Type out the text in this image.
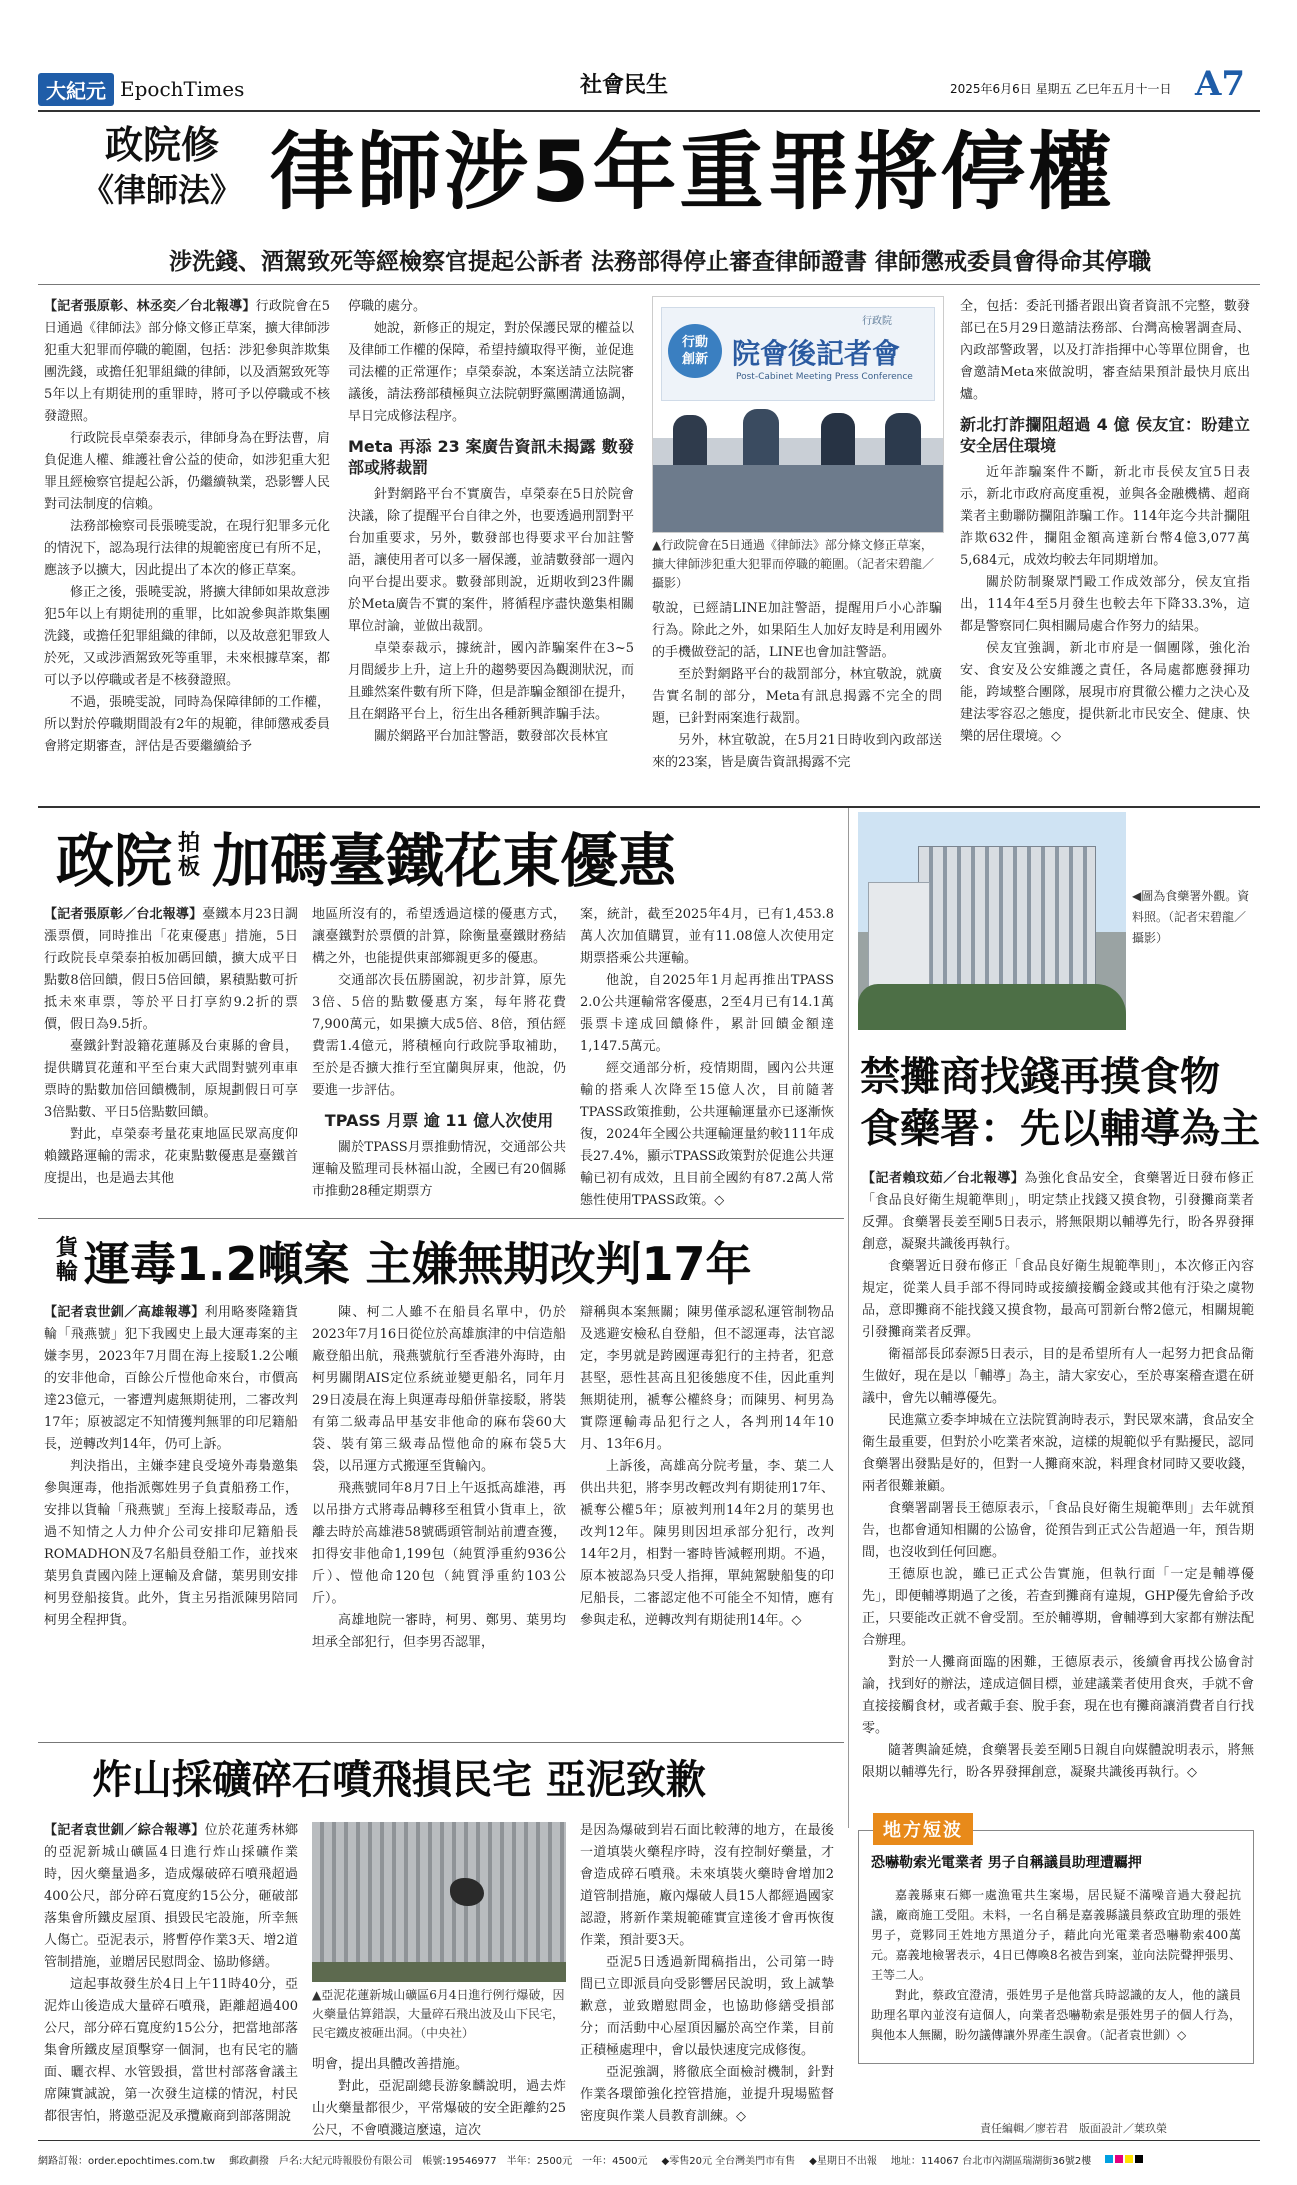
大紀元 EpochTimes	社會民生	2025年6月6日 星期五 乙巳年五月十一日 A7
政院修
《律師法》 律師涉5年重罪將停權
涉洗錢、酒駕致死等經檢察官提起公訴者 法務部得停止審查律師證書 律師懲戒委員會得命其停職

【記者張原彰、林丞奕／台北報導】行政院會在5日通過《律師法》部分條文修正草案，擴大律師涉犯重大犯罪而停職的範圍，包括：涉犯參與詐欺集團洗錢，或擔任犯罪組織的律師，以及酒駕致死等5年以上有期徒刑的重罪時，將可予以停職或不核發證照。

行政院長卓榮泰表示，律師身為在野法曹，肩負促進人權、維護社會公益的使命，如涉犯重大犯罪且經檢察官提起公訴，仍繼續執業，恐影響人民對司法制度的信賴。

法務部檢察司長張曉雯說，在現行犯罪多元化的情況下，認為現行法律的規範密度已有所不足，應該予以擴大，因此提出了本次的修正草案。

修正之後，張曉雯說，將擴大律師如果故意涉犯5年以上有期徒刑的重罪，比如說參與詐欺集團洗錢，或擔任犯罪組織的律師，以及故意犯罪致人於死，又或涉酒駕致死等重罪，未來根據草案，都可以予以停職或者是不核發證照。

不過，張曉雯說，同時為保障律師的工作權，所以對於停職期間設有2年的規範，律師懲戒委員會將定期審查，評估是否要繼續給予

停職的處分。

她說，新修正的規定，對於保護民眾的權益以及律師工作權的保障，希望持續取得平衡，並促進司法權的正常運作；卓榮泰說，本案送請立法院審議後，請法務部積極與立法院朝野黨團溝通協調，早日完成修法程序。

Meta 再添 23 案廣告資訊未揭露 數發部或將裁罰

針對網路平台不實廣告，卓榮泰在5日於院會決議，除了提醒平台自律之外，也要透過刑罰對平台加重要求，另外，數發部也得要求平台加註警語，讓使用者可以多一層保護，並請數發部一週內向平台提出要求。數發部則說，近期收到23件關於Meta廣告不實的案件，將循程序盡快邀集相關單位討論，並做出裁罰。

卓榮泰裁示，據統計，國內詐騙案件在3~5月間緩步上升，這上升的趨勢要因為觀測狀況，而且雖然案件數有所下降，但是詐騙金額卻在提升，且在網路平台上，衍生出各種新興詐騙手法。

關於網路平台加註警語，數發部次長林宜

行政院
行動
創新 院會後記者會
Post-Cabinet Meeting Press Conference
▲行政院會在5日通過《律師法》部分條文修正草案，擴大律師涉犯重大犯罪而停職的範圍。（記者宋碧龍／攝影）

敬說，已經請LINE加註警語，提醒用戶小心詐騙行為。除此之外，如果陌生人加好友時是利用國外的手機做登記的話，LINE也會加註警語。

至於對網路平台的裁罰部分，林宜敬說，就廣告實名制的部分，Meta有訊息揭露不完全的問題，已針對兩案進行裁罰。

另外，林宜敬說，在5月21日時收到內政部送來的23案，皆是廣告資訊揭露不完

全，包括：委託刊播者跟出資者資訊不完整，數發部已在5月29日邀請法務部、台灣高檢署調查局、內政部警政署，以及打詐指揮中心等單位開會，也會邀請Meta來做說明，審查結果預計最快月底出爐。

新北打詐攔阻超過 4 億 侯友宜：盼建立安全居住環境

近年詐騙案件不斷，新北市長侯友宜5日表示，新北市政府高度重視，並與各金融機構、超商業者主動聯防攔阻詐騙工作。114年迄今共計攔阻詐欺632件，攔阻金額高達新台幣4億3,077萬5,684元，成效均較去年同期增加。

關於防制聚眾鬥毆工作成效部分，侯友宜指出，114年4至5月發生也較去年下降33.3%，這都是警察同仁與相關局處合作努力的結果。

侯友宜強調，新北市府是一個團隊，強化治安、食安及公安維護之責任，各局處都應發揮功能，跨域整合團隊，展現市府貫徹公權力之決心及建法零容忍之態度，提供新北市民安全、健康、快樂的居住環境。◇

政院 拍
板 加碼臺鐵花東優惠

【記者張原彰／台北報導】臺鐵本月23日調漲票價，同時推出「花東優惠」措施，5日行政院長卓榮泰拍板加碼回饋，擴大成平日點數8倍回饋，假日5倍回饋，累積點數可折抵未來車票，等於平日打享約9.2折的票價，假日為9.5折。

臺鐵針對設籍花蓮縣及台東縣的會員，提供購買花蓮和平至台東大武間對號列車車票時的點數加倍回饋機制，原規劃假日可享3倍點數、平日5倍點數回饋。

對此，卓榮泰考量花東地區民眾高度仰賴鐵路運輸的需求，花東點數優惠是臺鐵首度提出，也是過去其他

地區所沒有的，希望透過這樣的優惠方式，讓臺鐵對於票價的計算，除衡量臺鐵財務結構之外，也能提供東部鄉親更多的優惠。

交通部次長伍勝園說，初步計算，原先3倍、5倍的點數優惠方案，每年將花費7,900萬元，如果擴大成5倍、8倍，預估經費需1.4億元，將積極向行政院爭取補助，至於是否擴大推行至宜蘭與屏東，他說，仍要進一步評估。

TPASS 月票 逾 11 億人次使用

關於TPASS月票推動情況，交通部公共運輸及監理司長林福山說，全國已有20個縣市推動28種定期票方

案，統計，截至2025年4月，已有1,453.8萬人次加值購買，並有11.08億人次使用定期票搭乘公共運輸。

他說，自2025年1月起再推出TPASS 2.0公共運輸常客優惠，2至4月已有14.1萬張票卡達成回饋條件，累計回饋金額達1,147.5萬元。

經交通部分析，疫情期間，國內公共運輸的搭乘人次降至15億人次，目前隨著TPASS政策推動，公共運輸運量亦已逐漸恢復，2024年全國公共運輸運量約較111年成長27.4%，顯示TPASS政策對於促進公共運輸已初有成效，且目前全國約有87.2萬人常態性使用TPASS政策。◇

◀圖為食藥署外觀。資料照。（記者宋碧龍／攝影）
禁攤商找錢再摸食物
食藥署：先以輔導為主

【記者賴玟茹／台北報導】為強化食品安全，食藥署近日發布修正「食品良好衛生規範準則」，明定禁止找錢又摸食物，引發攤商業者反彈。食藥署長姜至剛5日表示，將無限期以輔導先行，盼各界發揮創意，凝聚共識後再執行。

食藥署近日發布修正「食品良好衛生規範準則」，本次修正內容規定，從業人員手部不得同時或接續接觸金錢或其他有汙染之虞物品，意即攤商不能找錢又摸食物，最高可罰新台幣2億元，相關規範引發攤商業者反彈。

衛福部長邱泰源5日表示，目的是希望所有人一起努力把食品衛生做好，現在是以「輔導」為主，請大家安心，至於專案稽查還在研議中，會先以輔導優先。

民進黨立委李坤城在立法院質詢時表示，對民眾來講，食品安全衛生最重要，但對於小吃業者來說，這樣的規範似乎有點擾民，認同食藥署出發點是好的，但對一人攤商來說，料理食材同時又要收錢，兩者很難兼顧。

食藥署副署長王德原表示，「食品良好衛生規範準則」去年就預告，也都會通知相關的公協會，從預告到正式公告超過一年，預告期間，也沒收到任何回應。

王德原也說，雖已正式公告實施，但執行面「一定是輔導優先」，即便輔導期過了之後，若查到攤商有違規，GHP優先會給予改正，只要能改正就不會受罰。至於輔導期，會輔導到大家都有辦法配合辦理。

對於一人攤商面臨的困難，王德原表示，後續會再找公協會討論，找到好的辦法，達成這個目標，並建議業者使用食夾，手就不會直接接觸食材，或者戴手套、脫手套，現在也有攤商讓消費者自行找零。

隨著輿論延燒，食藥署長姜至剛5日親自向媒體說明表示，將無限期以輔導先行，盼各界發揮創意，凝聚共識後再執行。◇

貨
輪 運毒1.2噸案 主嫌無期改判17年

【記者袁世釧／高雄報導】利用略麥隆籍貨輪「飛燕號」犯下我國史上最大運毒案的主嫌李男，2023年7月間在海上接駁1.2公噸的安非他命，百餘公斤愷他命來台，市價高達23億元，一審遭判處無期徒刑，二審改判17年；原被認定不知情獲判無罪的印尼籍船長，逆轉改判14年，仍可上訴。

判決指出，主嫌李建良受境外毒梟邀集參與運毒，他指派鄭姓男子負責船務工作，安排以貨輪「飛燕號」至海上接駁毒品，透過不知情之人力仲介公司安排印尼籍船長ROMADHON及7名船員登船工作，並找來葉男負責國內陸上運輸及倉儲，葉男則安排柯男登船接貨。此外，貨主另指派陳男陪同柯男全程押貨。

陳、柯二人雖不在船員名單中，仍於2023年7月16日從位於高雄旗津的中信造船廠登船出航，飛燕號航行至香港外海時，由柯男關閉AIS定位系統並變更船名，同年月29日凌晨在海上與運毒母船併靠接駁，將裝有第二級毒品甲基安非他命的麻布袋60大袋、裝有第三級毒品愷他命的麻布袋5大袋，以吊運方式搬運至貨輪內。

飛燕號同年8月7日上午返抵高雄港，再以吊掛方式將毒品轉移至租賃小貨車上，欲離去時於高雄港58號碼頭管制站前遭查獲，扣得安非他命1,199包（純質淨重約936公斤）、愷他命120包（純質淨重約103公斤）。

高雄地院一審時，柯男、鄭男、葉男均坦承全部犯行，但李男否認罪，

辯稱與本案無關；陳男僅承認私運管制物品及逃避安檢私自登船，但不認運毒，法官認定，李男就是跨國運毒犯行的主持者，犯意甚堅，惡性甚高且犯後態度不佳，因此重判無期徒刑，褫奪公權終身；而陳男、柯男為實際運輸毒品犯行之人，各判刑14年10月、13年6月。

上訴後，高雄高分院考量，李、葉二人供出共犯，將李男改輕改判有期徒刑17年、褫奪公權5年；原被判刑14年2月的葉男也改判12年。陳男則因坦承部分犯行，改判14年2月，相對一審時皆減輕刑期。不過，原本被認為只受人指揮，單純駕駛船隻的印尼船長，二審認定他不可能全不知情，應有參與走私，逆轉改判有期徒刑14年。◇

炸山採礦碎石噴飛損民宅 亞泥致歉

【記者袁世釧／綜合報導】位於花蓮秀林鄉的亞泥新城山礦區4日進行炸山採礦作業時，因火藥量過多，造成爆破碎石噴飛超過400公尺，部分碎石寬度約15公分，砸破部落集會所鐵皮屋頂、損毀民宅設施，所幸無人傷亡。亞泥表示，將暫停作業3天、增2道管制措施，並贈居民慰問金、協助修繕。

這起事故發生於4日上午11時40分，亞泥炸山後造成大量碎石噴飛，距離超過400公尺，部分碎石寬度約15公分，把當地部落集會所鐵皮屋頂擊穿一個洞，也有民宅的牆面、曬衣桿、水管毀損，當世村部落會議主席陳實誠說，第一次發生這樣的情況，村民都很害怕，將邀亞泥及承攬廠商到部落開說

▲亞泥花蓮新城山礦區6月4日進行例行爆破，因火藥量估算錯誤，大量碎石飛出波及山下民宅，民宅鐵皮被砸出洞。（中央社）

明會，提出具體改善措施。

對此，亞泥副總長游象麟說明，過去炸山火藥量都很少，平常爆破的安全距離約25公尺，不會噴濺這麼遠，這次

是因為爆破到岩石面比較薄的地方，在最後一道填裝火藥程序時，沒有控制好藥量，才會造成碎石噴飛。未來填裝火藥時會增加2道管制措施，廠內爆破人員15人都經過國家認證，將新作業規範確實宣達後才會再恢復作業，預計要3天。

亞泥5日透過新聞稿指出，公司第一時間已立即派員向受影響居民說明，致上誠摯歉意，並致贈慰問金，也協助修繕受損部分；而活動中心屋頂因屬於高空作業，目前正積極處理中，會以最快速度完成修復。

亞泥強調，將徹底全面檢討機制，針對作業各環節強化控管措施，並提升現場監督密度與作業人員教育訓練。◇

地方短波
恐嚇勒索光電業者 男子自稱議員助理遭覊押

嘉義縣東石鄉一處漁電共生案場，居民疑不滿噪音過大發起抗議，廠商施工受阻。未料，一名自稱是嘉義縣議員蔡政宜助理的張姓男子，竟夥同王姓地方黑道分子，藉此向光電業者恐嚇勒索400萬元。嘉義地檢署表示，4日已傳喚8名被告到案，並向法院聲押張男、王等二人。

對此，蔡政宜澄清，張姓男子是他當兵時認識的友人，他的議員助理名單內並沒有這個人，向業者恐嚇勒索是張姓男子的個人行為，與他本人無關，盼勿議傳讓外界產生誤會。（記者袁世釧）◇

責任編輯／廖若君　版面設計／葉玖榮
網路訂報：order.epochtimes.com.tw 郵政劃撥　戶名:大紀元時報股份有限公司　帳號:19546977　半年：2500元　一年：4500元 ◆零售20元 全台灣美門市有售 ◆星期日不出報 地址：114067 台北市內湖區瑞湖街36號2樓
